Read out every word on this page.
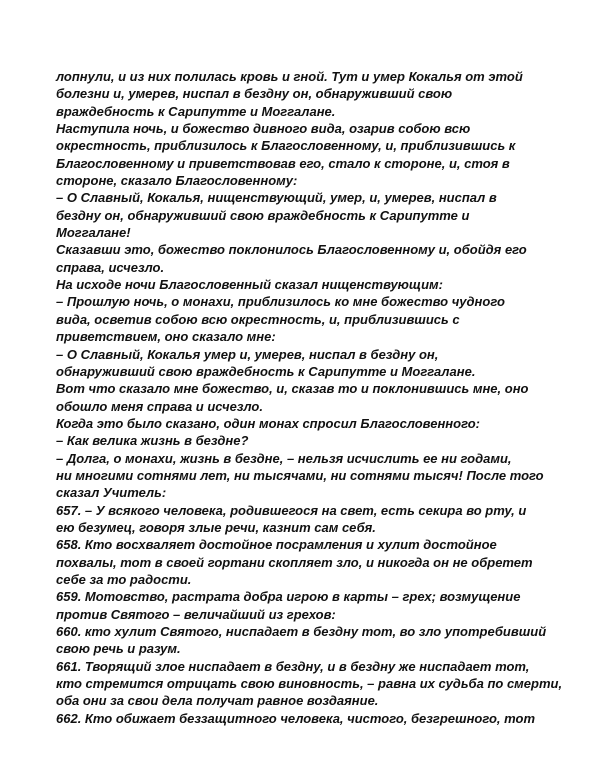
лопнули, и из них полилась кровь и гной. Тут и умер Кокалья от этой
болезни и, умерев, ниспал в бездну он, обнаруживший свою
враждебность к Сарипутте и Моггалане.
Наступила ночь, и божество дивного вида, озарив собою всю
окрестность, приблизилось к Благословенному, и, приблизившись к
Благословенному и приветствовав его, стало к стороне, и, стоя в
стороне, сказало Благословенному:
– О Славный, Кокалья, нищенствующий, умер, и, умерев, ниспал в
бездну он, обнаруживший свою враждебность к Сарипутте и
Моггалане!
Сказавши это, божество поклонилось Благословенному и, обойдя его
справа, исчезло.
На исходе ночи Благословенный сказал нищенствующим:
– Прошлую ночь, о монахи, приблизилось ко мне божество чудного
вида, осветив собою всю окрестность, и, приблизившись с
приветствием, оно сказало мне:
– О Славный, Кокалья умер и, умерев, ниспал в бездну он,
обнаруживший свою враждебность к Сарипутте и Моггалане.
Вот что сказало мне божество, и, сказав то и поклонившись мне, оно
обошло меня справа и исчезло.
Когда это было сказано, один монах спросил Благословенного:
– Как велика жизнь в бездне?
– Долга, о монахи, жизнь в бездне, – нельзя исчислить ее ни годами,
ни многими сотнями лет, ни тысячами, ни сотнями тысяч! После того
сказал Учитель:
657. – У всякого человека, родившегося на свет, есть секира во рту, и
ею безумец, говоря злые речи, казнит сам себя.
658. Кто восхваляет достойное посрамления и хулит достойное
похвалы, тот в своей гортани скопляет зло, и никогда он не обретет
себе за то радости.
659. Мотовство, растрата добра игрою в карты – грех; возмущение
против Святого – величайший из грехов:
660. кто хулит Святого, ниспадает в бездну тот, во зло употребивший
свою речь и разум.
661. Творящий злое ниспадает в бездну, и в бездну же ниспадает тот,
кто стремится отрицать свою виновность, – равна их судьба по смерти,
оба они за свои дела получат равное воздаяние.
662. Кто обижает беззащитного человека, чистого, безгрешного, тот
